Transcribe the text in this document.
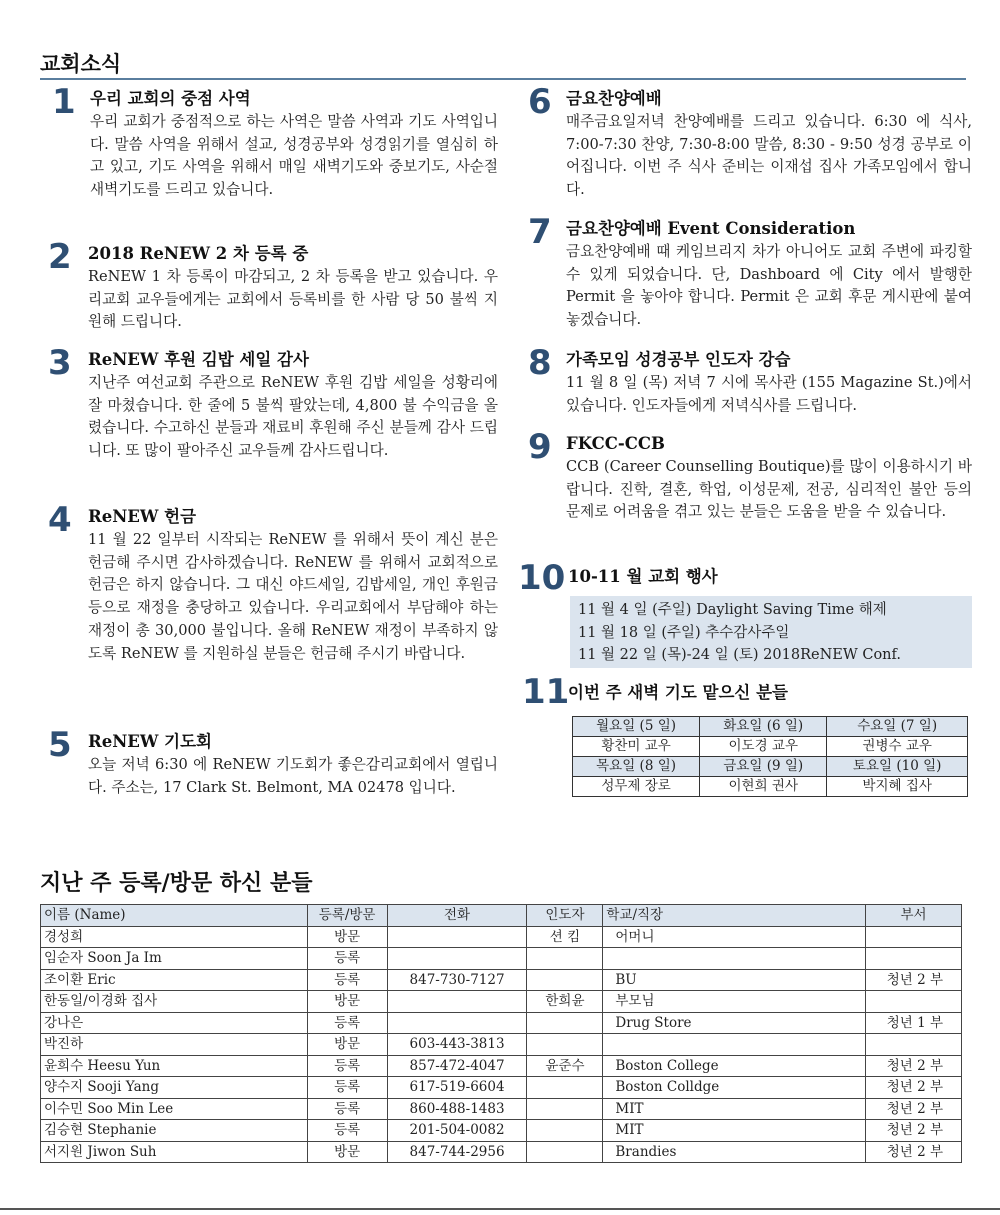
교회소식
1 우리 교회의 중점 사역
우리 교회가 중점적으로 하는 사역은 말씀 사역과 기도 사역입니다. 말씀 사역을 위해서 설교, 성경공부와 성경읽기를 열심히 하고 있고, 기도 사역을 위해서 매일 새벽기도와 중보기도, 사순절 새벽기도를 드리고 있습니다.
2 2018 ReNEW 2 차 등록 중
ReNEW 1 차 등록이 마감되고, 2 차 등록을 받고 있습니다. 우리교회 교우들에게는 교회에서 등록비를 한 사람 당 50 불씩 지원해 드립니다.
3 ReNEW 후원 김밥 세일 감사
지난주 여선교회 주관으로 ReNEW 후원 김밥 세일을 성황리에 잘 마쳤습니다. 한 줄에 5 불씩 팔았는데, 4,800 불 수익금을 올렸습니다. 수고하신 분들과 재료비 후원해 주신 분들께 감사 드립니다. 또 많이 팔아주신 교우들께 감사드립니다.
4 ReNEW 헌금
11 월 22 일부터 시작되는 ReNEW 를 위해서 뜻이 계신 분은 헌금해 주시면 감사하겠습니다. ReNEW 를 위해서 교회적으로 헌금은 하지 않습니다. 그 대신 야드세일, 김밥세일, 개인 후원금 등으로 재정을 충당하고 있습니다. 우리교회에서 부담해야 하는 재정이 총 30,000 불입니다. 올해 ReNEW 재정이 부족하지 않도록 ReNEW 를 지원하실 분들은 헌금해 주시기 바랍니다.
5 ReNEW 기도회
오늘 저녁 6:30 에 ReNEW 기도회가 좋은감리교회에서 열립니다. 주소는, 17 Clark St. Belmont, MA 02478 입니다.
6 금요찬양예배
매주금요일저녁 찬양예배를 드리고 있습니다. 6:30 에 식사, 7:00-7:30 찬양, 7:30-8:00 말씀, 8:30 - 9:50 성경 공부로 이어집니다. 이번 주 식사 준비는 이재섭 집사 가족모임에서 합니다.
7 금요찬양예배 Event Consideration
금요찬양예배 때 케임브리지 차가 아니어도 교회 주변에 파킹할 수 있게 되었습니다. 단, Dashboard 에 City 에서 발행한 Permit 을 놓아야 합니다. Permit 은 교회 후문 게시판에 붙여 놓겠습니다.
8 가족모임 성경공부 인도자 강습
11 월 8 일 (목) 저녁 7 시에 목사관 (155 Magazine St.)에서 있습니다. 인도자들에게 저녁식사를 드립니다.
9 FKCC-CCB
CCB (Career Counselling Boutique)를 많이 이용하시기 바랍니다. 진학, 결혼, 학업, 이성문제, 전공, 심리적인 불안 등의 문제로 어려움을 겪고 있는 분들은 도움을 받을 수 있습니다.
10 10-11 월 교회 행사
11 월 4 일 (주일) Daylight Saving Time 해제
11 월 18 일 (주일) 추수감사주일
11 월 22 일 (목)-24 일 (토) 2018ReNEW Conf.
11
이번 주 새벽 기도 맡으신 분들
월요일 (5 일)	화요일 (6 일)	수요일 (7 일)
황찬미 교우	이도경 교우	권병수 교우
목요일 (8 일)	금요일 (9 일)	토요일 (10 일)
성무제 장로	이현희 권사	박지혜 집사
지난 주 등록/방문 하신 분들
이름 (Name)	등록/방문	전화	인도자	학교/직장	부서
경성희	방문		션 킴	어머니	
임순자 Soon Ja Im	등록				
조이환 Eric	등록	847-730-7127		BU	청년 2 부
한동일/이경화 집사	방문		한희윤	부모님	
강나은	등록			Drug Store	청년 1 부
박진하	방문	603-443-3813			
윤희수 Heesu Yun	등록	857-472-4047	윤준수	Boston College	청년 2 부
양수지 Sooji Yang	등록	617-519-6604		Boston Colldge	청년 2 부
이수민 Soo Min Lee	등록	860-488-1483		MIT	청년 2 부
김승현 Stephanie	등록	201-504-0082		MIT	청년 2 부
서지원 Jiwon Suh	방문	847-744-2956		Brandies	청년 2 부
